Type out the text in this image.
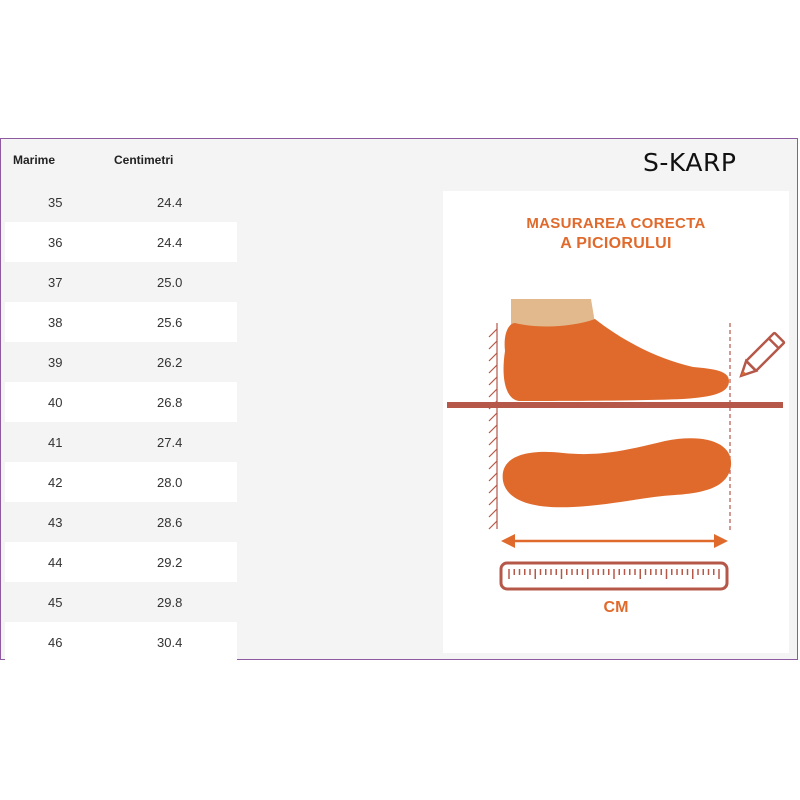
Marime	Centimetri
35	24.4
36	24.4
37	25.0
38	25.6
39	26.2
40	26.8
41	27.4
42	28.0
43	28.6
44	29.2
45	29.8
46	30.4
S-KARP
MASURAREA CORECTA
A PICIORULUI
CM
